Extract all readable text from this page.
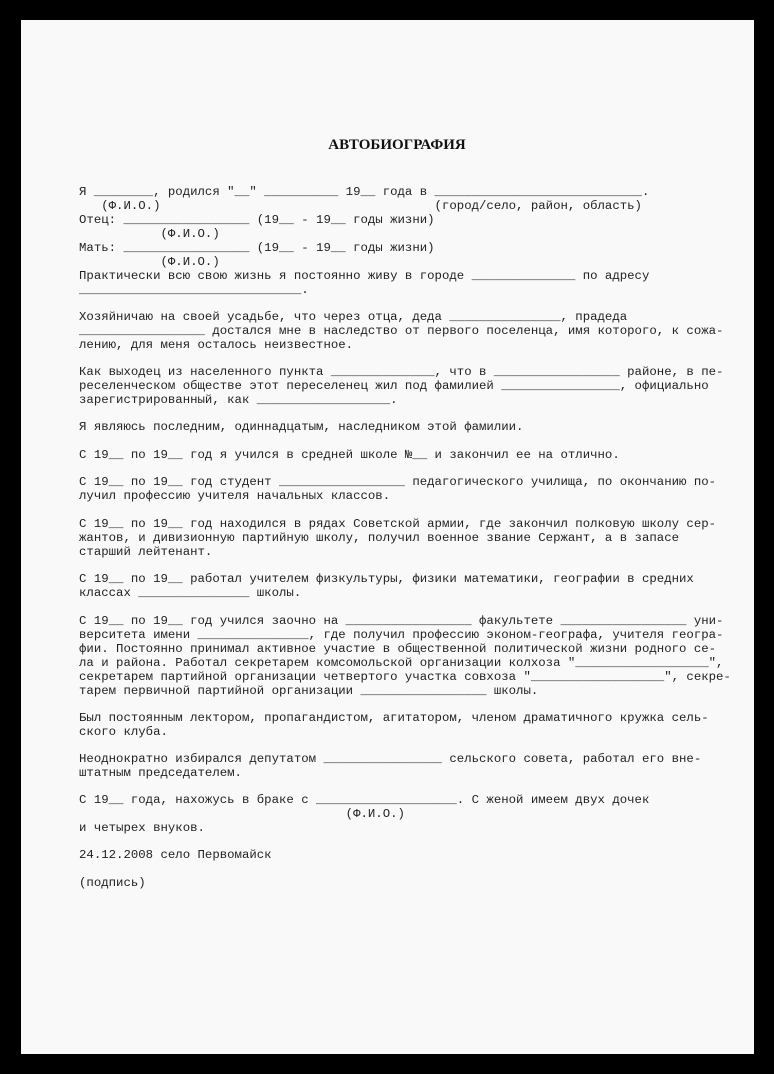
АВТОБИОГРАФИЯ
Я ________, родился "__" __________ 19__ года в ____________________________.
(Ф.И.О.)                                     (город/село, район, область)
Отец: _________________ (19__ - 19__ годы жизни)
(Ф.И.О.)
Мать: _________________ (19__ - 19__ годы жизни)
(Ф.И.О.)
Практически всю свою жизнь я постоянно живу в городе ______________ по адресу
______________________________.
Хозяйничаю на своей усадьбе, что через отца, деда _______________, прадеда
_________________ достался мне в наследство от первого поселенца, имя которого, к сожа-
лению, для меня осталось неизвестное.
Как выходец из населенного пункта ______________, что в _________________ районе, в пе-
реселенческом обществе этот переселенец жил под фамилией ________________, официально
зарегистрированный, как __________________.
Я являюсь последним, одиннадцатым, наследником этой фамилии.
С 19__ по 19__ год я учился в средней школе №__ и закончил ее на отлично.
С 19__ по 19__ год студент _________________ педагогического училища, по окончанию по-
лучил профессию учителя начальных классов.
С 19__ по 19__ год находился в рядах Советской армии, где закончил полковую школу сер-
жантов, и дивизионную партийную школу, получил военное звание Сержант, а в запасе
старший лейтенант.
С 19__ по 19__ работал учителем физкультуры, физики математики, географии в средних
классах _______________ школы.
С 19__ по 19__ год учился заочно на _________________ факультете _________________ уни-
верситета имени _______________, где получил профессию эконом-географа, учителя геогра-
фии. Постоянно принимал активное участие в общественной политической жизни родного се-
ла и района. Работал секретарем комсомольской организации колхоза "__________________",
секретарем партийной организации четвертого участка совхоза "__________________", секре-
тарем первичной партийной организации _________________ школы.
Был постоянным лектором, пропагандистом, агитатором, членом драматичного кружка сель-
ского клуба.
Неоднократно избирался депутатом ________________ сельского совета, работал его вне-
штатным председателем.
С 19__ года, нахожусь в браке с ___________________. С женой имеем двух дочек
(Ф.И.О.)
и четырех внуков.
24.12.2008 село Первомайск
(подпись)
